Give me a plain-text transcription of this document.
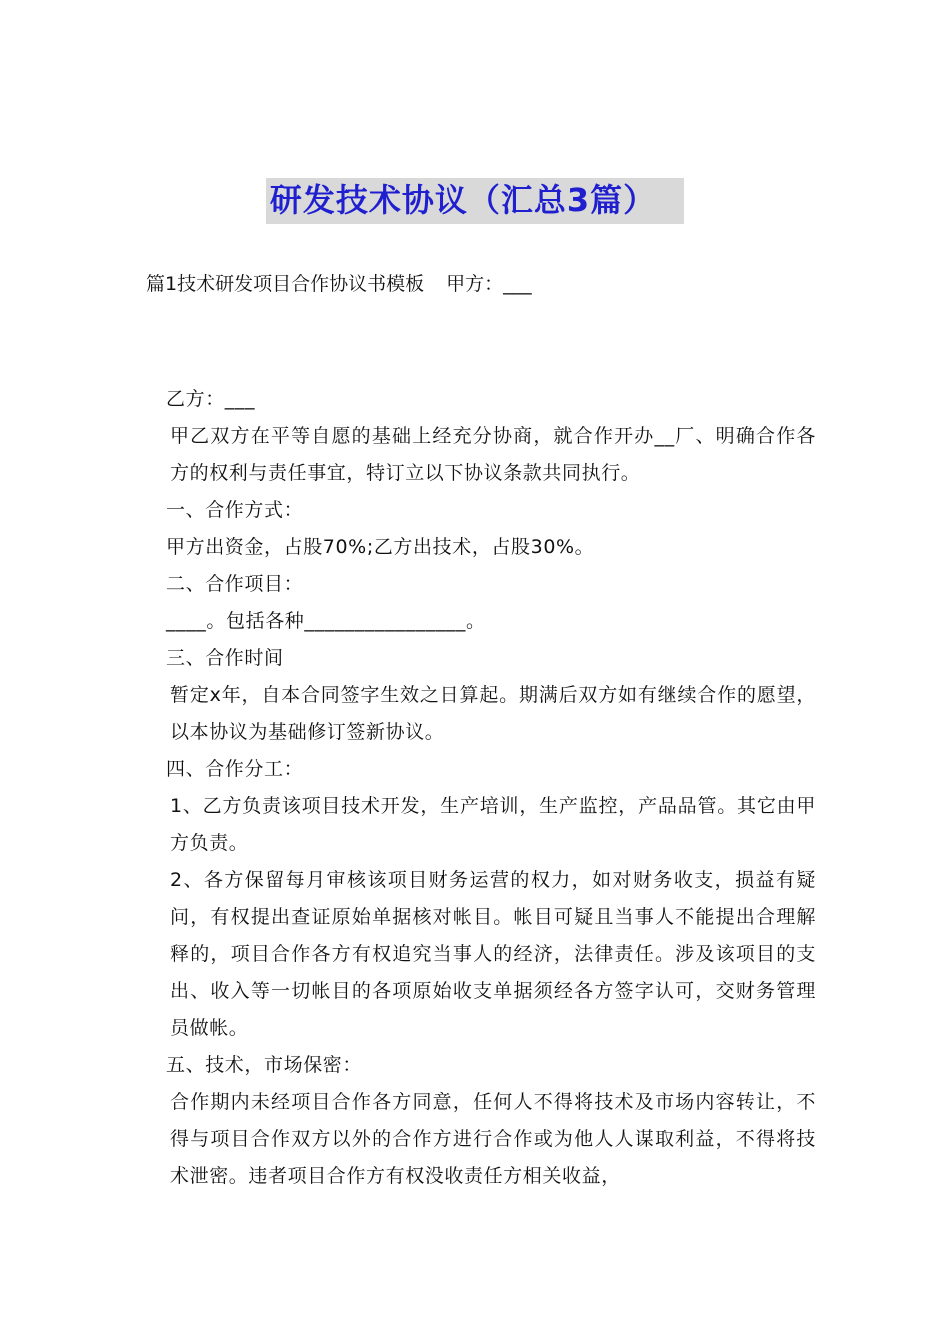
研发技术协议（汇总3篇）
篇1技术研发项目合作协议书模板 甲方：___

乙方：___

甲乙双方在平等自愿的基础上经充分协商，就合作开办__厂、明确合作各方的权利与责任事宜，特订立以下协议条款共同执行。

一、合作方式：

甲方出资金，占股70%;乙方出技术，占股30%。

二、合作项目：

____。包括各种________________。

三、合作时间

暂定x年，自本合同签字生效之日算起。期满后双方如有继续合作的愿望，以本协议为基础修订签新协议。

四、合作分工：

1、乙方负责该项目技术开发，生产培训，生产监控，产品品管。其它由甲方负责。

2、各方保留每月审核该项目财务运营的权力，如对财务收支，损益有疑问，有权提出查证原始单据核对帐目。帐目可疑且当事人不能提出合理解释的，项目合作各方有权追究当事人的经济，法律责任。涉及该项目的支出、收入等一切帐目的各项原始收支单据须经各方签字认可，交财务管理员做帐。

五、技术，市场保密：

合作期内未经项目合作各方同意，任何人不得将技术及市场内容转让，不得与项目合作双方以外的合作方进行合作或为他人人谋取利益，不得将技术泄密。违者项目合作方有权没收责任方相关收益，
